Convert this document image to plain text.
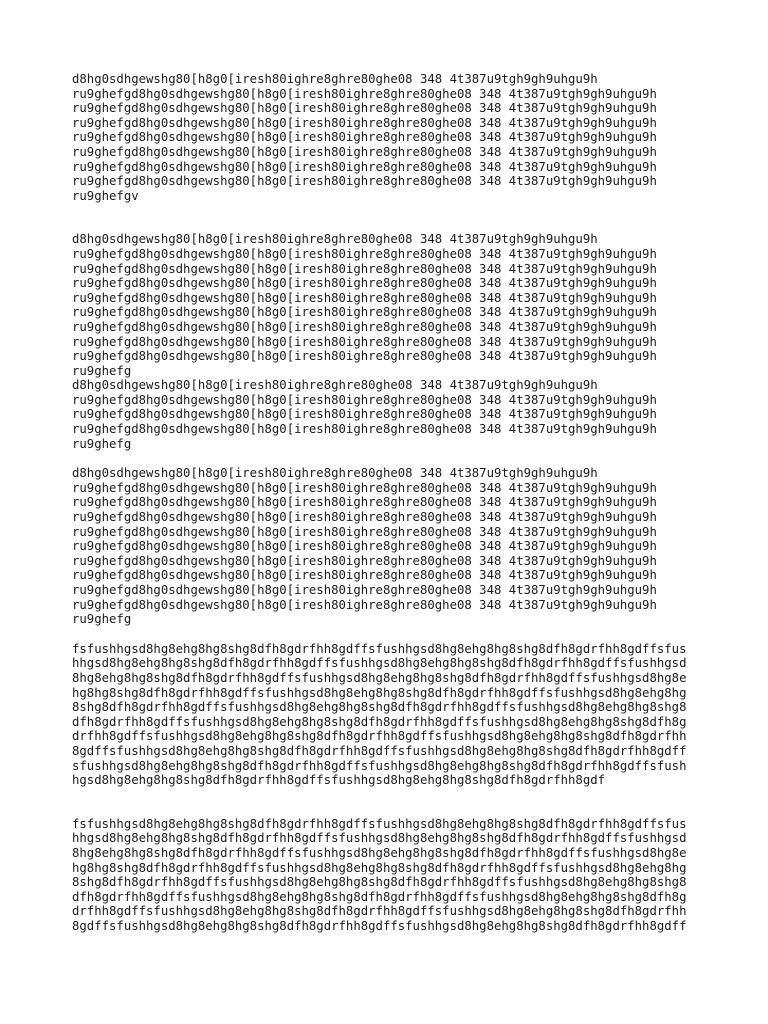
d8hg0sdhgewshg80[h8g0[iresh80ighre8ghre80ghe08 348 4t387u9tgh9gh9uhgu9h
ru9ghefgd8hg0sdhgewshg80[h8g0[iresh80ighre8ghre80ghe08 348 4t387u9tgh9gh9uhgu9h
ru9ghefgd8hg0sdhgewshg80[h8g0[iresh80ighre8ghre80ghe08 348 4t387u9tgh9gh9uhgu9h
ru9ghefgd8hg0sdhgewshg80[h8g0[iresh80ighre8ghre80ghe08 348 4t387u9tgh9gh9uhgu9h
ru9ghefgd8hg0sdhgewshg80[h8g0[iresh80ighre8ghre80ghe08 348 4t387u9tgh9gh9uhgu9h
ru9ghefgd8hg0sdhgewshg80[h8g0[iresh80ighre8ghre80ghe08 348 4t387u9tgh9gh9uhgu9h
ru9ghefgd8hg0sdhgewshg80[h8g0[iresh80ighre8ghre80ghe08 348 4t387u9tgh9gh9uhgu9h
ru9ghefgd8hg0sdhgewshg80[h8g0[iresh80ighre8ghre80ghe08 348 4t387u9tgh9gh9uhgu9h
ru9ghefgv

d8hg0sdhgewshg80[h8g0[iresh80ighre8ghre80ghe08 348 4t387u9tgh9gh9uhgu9h
ru9ghefgd8hg0sdhgewshg80[h8g0[iresh80ighre8ghre80ghe08 348 4t387u9tgh9gh9uhgu9h
ru9ghefgd8hg0sdhgewshg80[h8g0[iresh80ighre8ghre80ghe08 348 4t387u9tgh9gh9uhgu9h
ru9ghefgd8hg0sdhgewshg80[h8g0[iresh80ighre8ghre80ghe08 348 4t387u9tgh9gh9uhgu9h
ru9ghefgd8hg0sdhgewshg80[h8g0[iresh80ighre8ghre80ghe08 348 4t387u9tgh9gh9uhgu9h
ru9ghefgd8hg0sdhgewshg80[h8g0[iresh80ighre8ghre80ghe08 348 4t387u9tgh9gh9uhgu9h
ru9ghefgd8hg0sdhgewshg80[h8g0[iresh80ighre8ghre80ghe08 348 4t387u9tgh9gh9uhgu9h
ru9ghefgd8hg0sdhgewshg80[h8g0[iresh80ighre8ghre80ghe08 348 4t387u9tgh9gh9uhgu9h
ru9ghefgd8hg0sdhgewshg80[h8g0[iresh80ighre8ghre80ghe08 348 4t387u9tgh9gh9uhgu9h
ru9ghefg

d8hg0sdhgewshg80[h8g0[iresh80ighre8ghre80ghe08 348 4t387u9tgh9gh9uhgu9h
ru9ghefgd8hg0sdhgewshg80[h8g0[iresh80ighre8ghre80ghe08 348 4t387u9tgh9gh9uhgu9h
ru9ghefgd8hg0sdhgewshg80[h8g0[iresh80ighre8ghre80ghe08 348 4t387u9tgh9gh9uhgu9h
ru9ghefgd8hg0sdhgewshg80[h8g0[iresh80ighre8ghre80ghe08 348 4t387u9tgh9gh9uhgu9h
ru9ghefg

d8hg0sdhgewshg80[h8g0[iresh80ighre8ghre80ghe08 348 4t387u9tgh9gh9uhgu9h
ru9ghefgd8hg0sdhgewshg80[h8g0[iresh80ighre8ghre80ghe08 348 4t387u9tgh9gh9uhgu9h
ru9ghefgd8hg0sdhgewshg80[h8g0[iresh80ighre8ghre80ghe08 348 4t387u9tgh9gh9uhgu9h
ru9ghefgd8hg0sdhgewshg80[h8g0[iresh80ighre8ghre80ghe08 348 4t387u9tgh9gh9uhgu9h
ru9ghefgd8hg0sdhgewshg80[h8g0[iresh80ighre8ghre80ghe08 348 4t387u9tgh9gh9uhgu9h
ru9ghefgd8hg0sdhgewshg80[h8g0[iresh80ighre8ghre80ghe08 348 4t387u9tgh9gh9uhgu9h
ru9ghefgd8hg0sdhgewshg80[h8g0[iresh80ighre8ghre80ghe08 348 4t387u9tgh9gh9uhgu9h
ru9ghefgd8hg0sdhgewshg80[h8g0[iresh80ighre8ghre80ghe08 348 4t387u9tgh9gh9uhgu9h
ru9ghefgd8hg0sdhgewshg80[h8g0[iresh80ighre8ghre80ghe08 348 4t387u9tgh9gh9uhgu9h
ru9ghefgd8hg0sdhgewshg80[h8g0[iresh80ighre8ghre80ghe08 348 4t387u9tgh9gh9uhgu9h
ru9ghefg

fsfushhgsd8hg8ehg8hg8shg8dfh8gdrfhh8gdffsfushhgsd8hg8ehg8hg8shg8dfh8gdrfhh8gdffsfus
hhgsd8hg8ehg8hg8shg8dfh8gdrfhh8gdffsfushhgsd8hg8ehg8hg8shg8dfh8gdrfhh8gdffsfushhgsd
8hg8ehg8hg8shg8dfh8gdrfhh8gdffsfushhgsd8hg8ehg8hg8shg8dfh8gdrfhh8gdffsfushhgsd8hg8e
hg8hg8shg8dfh8gdrfhh8gdffsfushhgsd8hg8ehg8hg8shg8dfh8gdrfhh8gdffsfushhgsd8hg8ehg8hg
8shg8dfh8gdrfhh8gdffsfushhgsd8hg8ehg8hg8shg8dfh8gdrfhh8gdffsfushhgsd8hg8ehg8hg8shg8
dfh8gdrfhh8gdffsfushhgsd8hg8ehg8hg8shg8dfh8gdrfhh8gdffsfushhgsd8hg8ehg8hg8shg8dfh8g
drfhh8gdffsfushhgsd8hg8ehg8hg8shg8dfh8gdrfhh8gdffsfushhgsd8hg8ehg8hg8shg8dfh8gdrfhh
8gdffsfushhgsd8hg8ehg8hg8shg8dfh8gdrfhh8gdffsfushhgsd8hg8ehg8hg8shg8dfh8gdrfhh8gdff
sfushhgsd8hg8ehg8hg8shg8dfh8gdrfhh8gdffsfushhgsd8hg8ehg8hg8shg8dfh8gdrfhh8gdffsfush
hgsd8hg8ehg8hg8shg8dfh8gdrfhh8gdffsfushhgsd8hg8ehg8hg8shg8dfh8gdrfhh8gdf

fsfushhgsd8hg8ehg8hg8shg8dfh8gdrfhh8gdffsfushhgsd8hg8ehg8hg8shg8dfh8gdrfhh8gdffsfus
hhgsd8hg8ehg8hg8shg8dfh8gdrfhh8gdffsfushhgsd8hg8ehg8hg8shg8dfh8gdrfhh8gdffsfushhgsd
8hg8ehg8hg8shg8dfh8gdrfhh8gdffsfushhgsd8hg8ehg8hg8shg8dfh8gdrfhh8gdffsfushhgsd8hg8e
hg8hg8shg8dfh8gdrfhh8gdffsfushhgsd8hg8ehg8hg8shg8dfh8gdrfhh8gdffsfushhgsd8hg8ehg8hg
8shg8dfh8gdrfhh8gdffsfushhgsd8hg8ehg8hg8shg8dfh8gdrfhh8gdffsfushhgsd8hg8ehg8hg8shg8
dfh8gdrfhh8gdffsfushhgsd8hg8ehg8hg8shg8dfh8gdrfhh8gdffsfushhgsd8hg8ehg8hg8shg8dfh8g
drfhh8gdffsfushhgsd8hg8ehg8hg8shg8dfh8gdrfhh8gdffsfushhgsd8hg8ehg8hg8shg8dfh8gdrfhh
8gdffsfushhgsd8hg8ehg8hg8shg8dfh8gdrfhh8gdffsfushhgsd8hg8ehg8hg8shg8dfh8gdrfhh8gdff
